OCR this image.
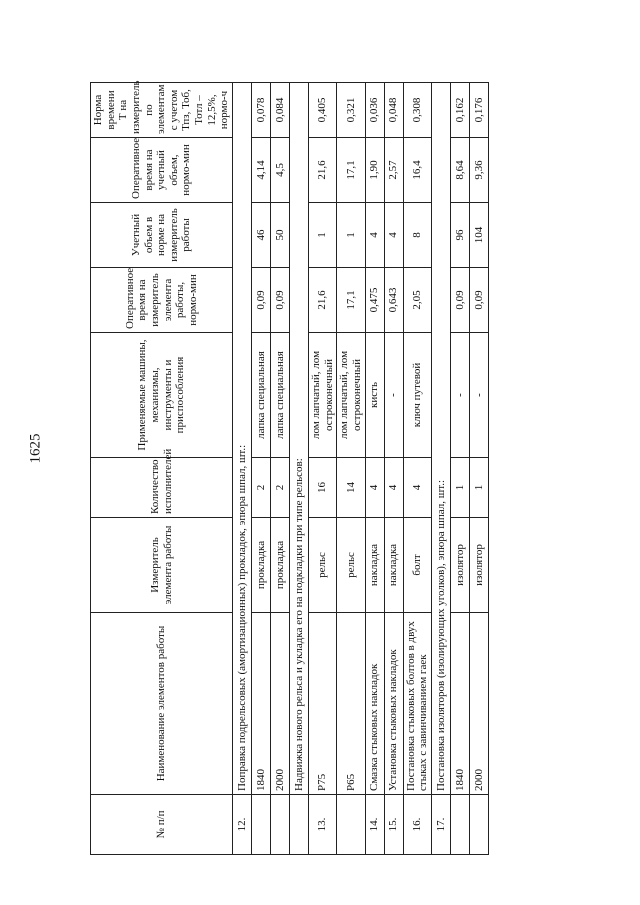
1625
№ п/п	Наименование элементов работы	Измеритель элемента работы	Количество исполнителей	Применяемые машины, механизмы, инструменты и приспособления	Оперативное время на измеритель элемента работы, нормо-мин	Учетный объем в норме на измеритель работы	Оперативное время на учетный объем, нормо-мин	Норма времени Т на измеритель по элементам с учетом Тпз, Тоб, Тотл – 12,5%, нормо-ч
12.	Поправка подрельсовых (амортизационных) прокладок, эпюра шпал, шт.:							
	1840	прокладка	2	лапка специальная	0,09	46	4,14	0,078
	2000	прокладка	2	лапка специальная	0,09	50	4,5	0,084
	Надвижка нового рельса и укладка его на подкладки при типе рельсов:							
13.	Р75	рельс	16	лом лапчатый, лом остроконечный	21,6	1	21,6	0,405
	Р65	рельс	14	лом лапчатый, лом остроконечный	17,1	1	17,1	0,321
14.	Смазка стыковых накладок	накладка	4	кисть	0,475	4	1,90	0,036
15.	Установка стыковых накладок	накладка	4	-	0,643	4	2,57	0,048
16.	Постановка стыковых болтов в двух стыках с завинчиванием гаек	болт	4	ключ путевой	2,05	8	16,4	0,308
17.	Постановка изоляторов (изолирующих уголков), эпюра шпал, шт.:							
	1840	изолятор	1	-	0,09	96	8,64	0,162
	2000	изолятор	1	-	0,09	104	9,36	0,176
